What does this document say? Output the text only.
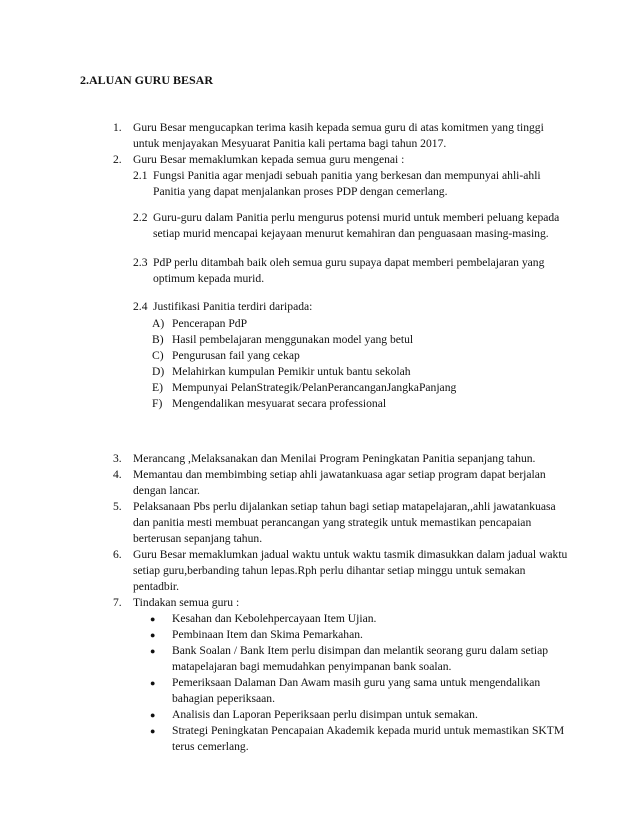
2.ALUAN GURU BESAR
1. Guru Besar mengucapkan terima kasih kepada semua guru di atas komitmen yang tinggi
untuk menjayakan Mesyuarat Panitia kali pertama bagi tahun 2017.
2. Guru Besar memaklumkan kepada semua guru mengenai :
2.1 Fungsi Panitia agar menjadi sebuah panitia yang berkesan dan mempunyai ahli-ahli
Panitia yang dapat menjalankan proses PDP dengan cemerlang.
2.2 Guru-guru dalam Panitia perlu mengurus potensi murid untuk memberi peluang kepada
setiap murid mencapai kejayaan menurut kemahiran dan penguasaan masing-masing.
2.3 PdP perlu ditambah baik oleh semua guru supaya dapat memberi pembelajaran yang
optimum kepada murid.
2.4 Justifikasi Panitia terdiri daripada:
A) Pencerapan PdP
B) Hasil pembelajaran menggunakan model yang betul
C) Pengurusan fail yang cekap
D) Melahirkan kumpulan Pemikir untuk bantu sekolah
E) Mempunyai PelanStrategik/PelanPerancanganJangkaPanjang
F) Mengendalikan mesyuarat secara professional
3. Merancang ,Melaksanakan dan Menilai Program Peningkatan Panitia sepanjang tahun.
4. Memantau dan membimbing setiap ahli jawatankuasa agar setiap program dapat berjalan
dengan lancar.
5. Pelaksanaan Pbs perlu dijalankan setiap tahun bagi setiap matapelajaran,,ahli jawatankuasa
dan panitia mesti membuat perancangan yang strategik untuk memastikan pencapaian
berterusan sepanjang tahun.
6. Guru Besar memaklumkan jadual waktu untuk waktu tasmik dimasukkan dalam jadual waktu
setiap guru,berbanding tahun lepas.Rph perlu dihantar setiap minggu untuk semakan
pentadbir.
7. Tindakan semua guru :
● Kesahan dan Kebolehpercayaan Item Ujian.
● Pembinaan Item dan Skima Pemarkahan.
● Bank Soalan / Bank Item perlu disimpan dan melantik seorang guru dalam setiap
matapelajaran bagi memudahkan penyimpanan bank soalan.
● Pemeriksaan Dalaman Dan Awam masih guru yang sama untuk mengendalikan
bahagian peperiksaan.
● Analisis dan Laporan Peperiksaan perlu disimpan untuk semakan.
● Strategi Peningkatan Pencapaian Akademik kepada murid untuk memastikan SKTM
terus cemerlang.
